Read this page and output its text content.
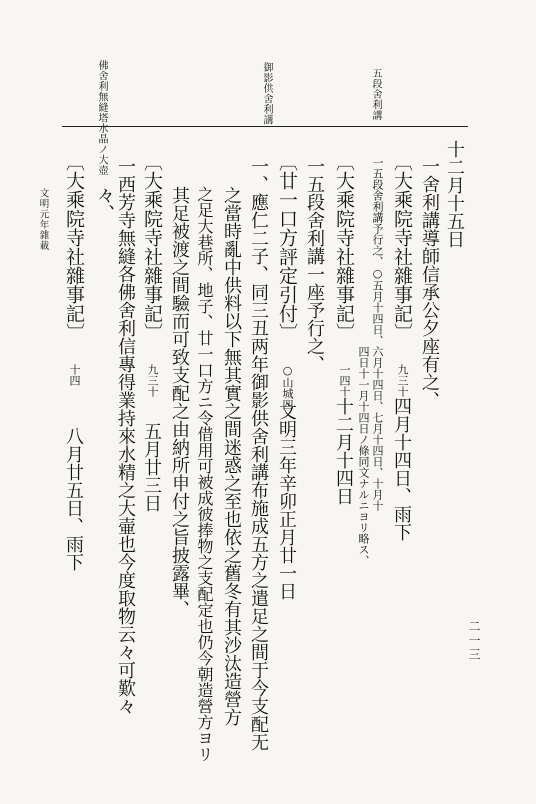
五段舍利講
御影供舍利講
佛舍利無縫塔水晶ノ大壺
十二月十五日
一舍利講導師信承公夕座有之、
〔大乘院寺社雜事記〕
九三十
四月十四日、雨下
一五段舍利講予行之、○五月十四日、六月十四日、七月十四日、十月十
四日十一月十四日ノ條同文ナルニヨリ略ス、
〔大乘院寺社雜事記〕
一四十
十二月十四日
一五段舍利講一座予行之、
〔廿一口方評定引付〕
○山城四
文明三年辛卯正月廿一日
一、應仁二子、同三丑两年御影供舍利講布施成五方之遣足之間于今支配无
之當時亂中供料以下無其實之間迷惑之至也依之舊冬有其沙汰造營方
之足大巷所、地子、廿一口方ニ令借用可被成彼捧物之支配定也仍今朝造營方ヨリ
其足被渡之間驗而可致支配之由納所申付之旨披露畢、
〔大乘院寺社雜事記〕
九三十
五月廿三日
一西芳寺無縫各佛舍利信專得業持來水精之大壷也今度取物云々可歎々
々、
〔大乘院寺社雜事記〕
十四
八月廿五日、雨下
文明元年雜載
二一三
